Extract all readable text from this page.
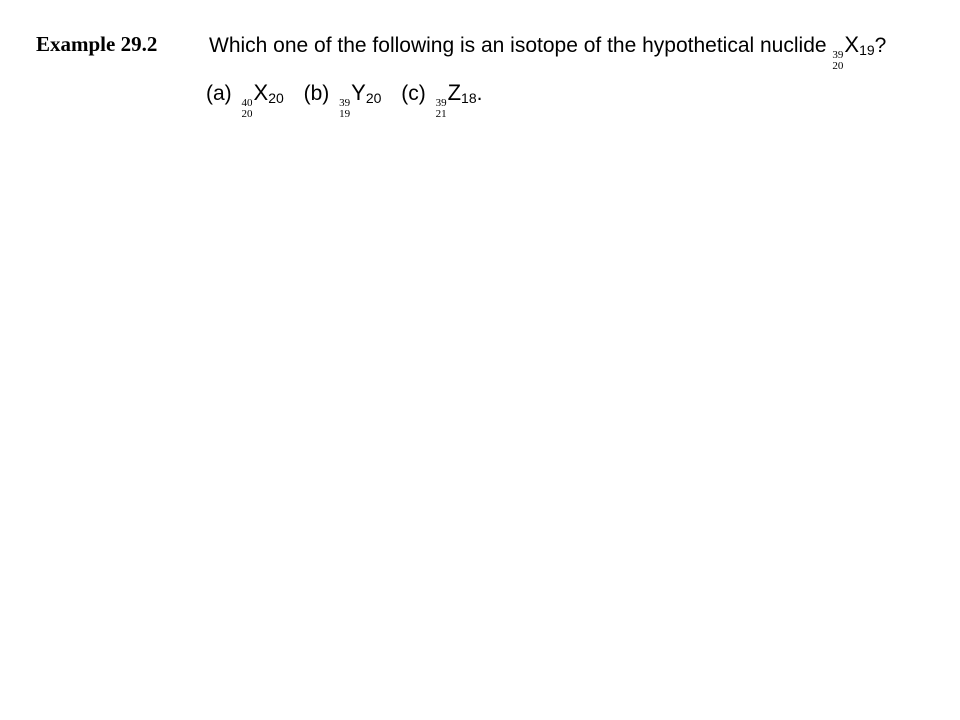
Example 29.2 Which one of the following is an isotope of the hypothetical nuclide 39
20
X19?
(a) 40
20
X20 (b) 39
19
Y20 (c) 39
21
Z18.
